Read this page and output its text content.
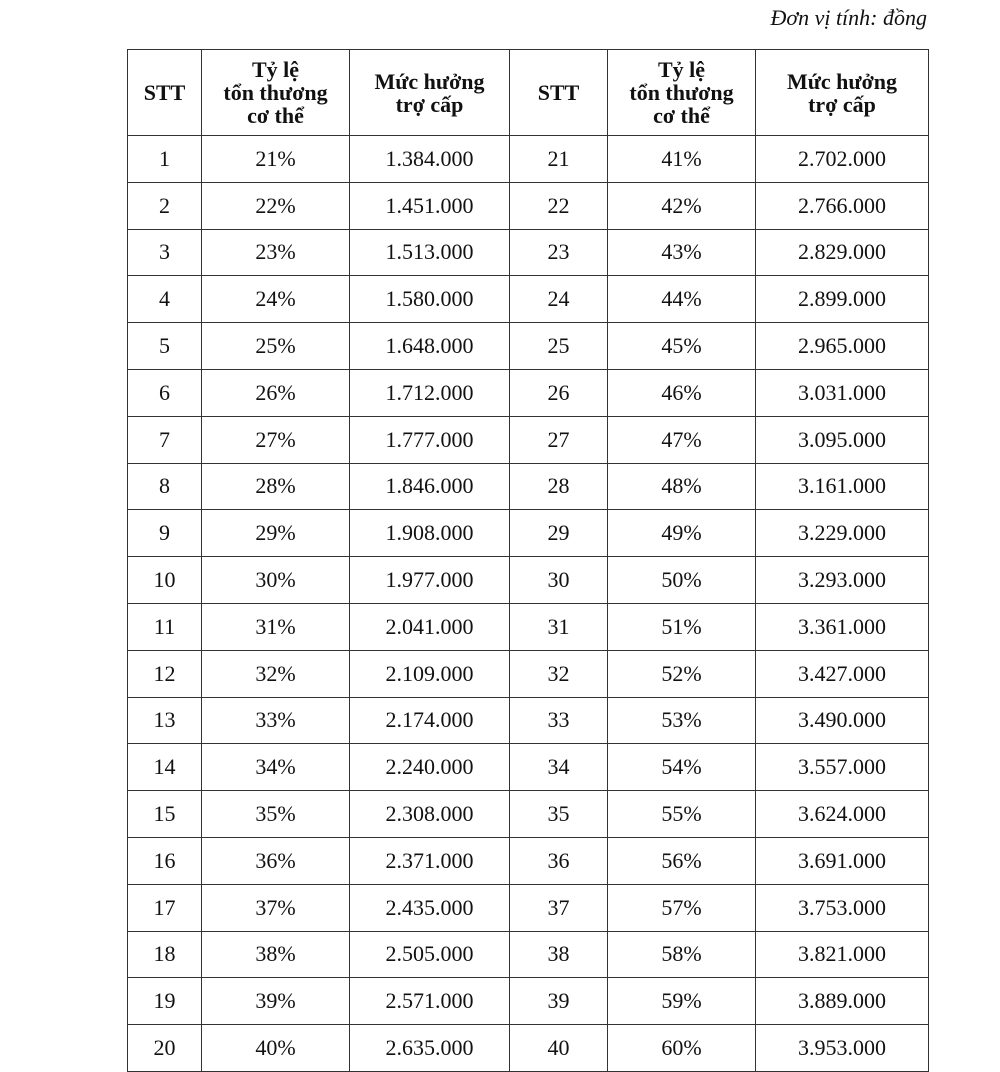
Đơn vị tính: đồng
STT	Tỷ lệ
tổn thương
cơ thể	Mức hưởng
trợ cấp	STT	Tỷ lệ
tổn thương
cơ thể	Mức hưởng
trợ cấp

1	21%	1.384.000	21	41%	2.702.000
2	22%	1.451.000	22	42%	2.766.000
3	23%	1.513.000	23	43%	2.829.000
4	24%	1.580.000	24	44%	2.899.000
5	25%	1.648.000	25	45%	2.965.000
6	26%	1.712.000	26	46%	3.031.000
7	27%	1.777.000	27	47%	3.095.000
8	28%	1.846.000	28	48%	3.161.000
9	29%	1.908.000	29	49%	3.229.000
10	30%	1.977.000	30	50%	3.293.000
11	31%	2.041.000	31	51%	3.361.000
12	32%	2.109.000	32	52%	3.427.000
13	33%	2.174.000	33	53%	3.490.000
14	34%	2.240.000	34	54%	3.557.000
15	35%	2.308.000	35	55%	3.624.000
16	36%	2.371.000	36	56%	3.691.000
17	37%	2.435.000	37	57%	3.753.000
18	38%	2.505.000	38	58%	3.821.000
19	39%	2.571.000	39	59%	3.889.000
20	40%	2.635.000	40	60%	3.953.000
